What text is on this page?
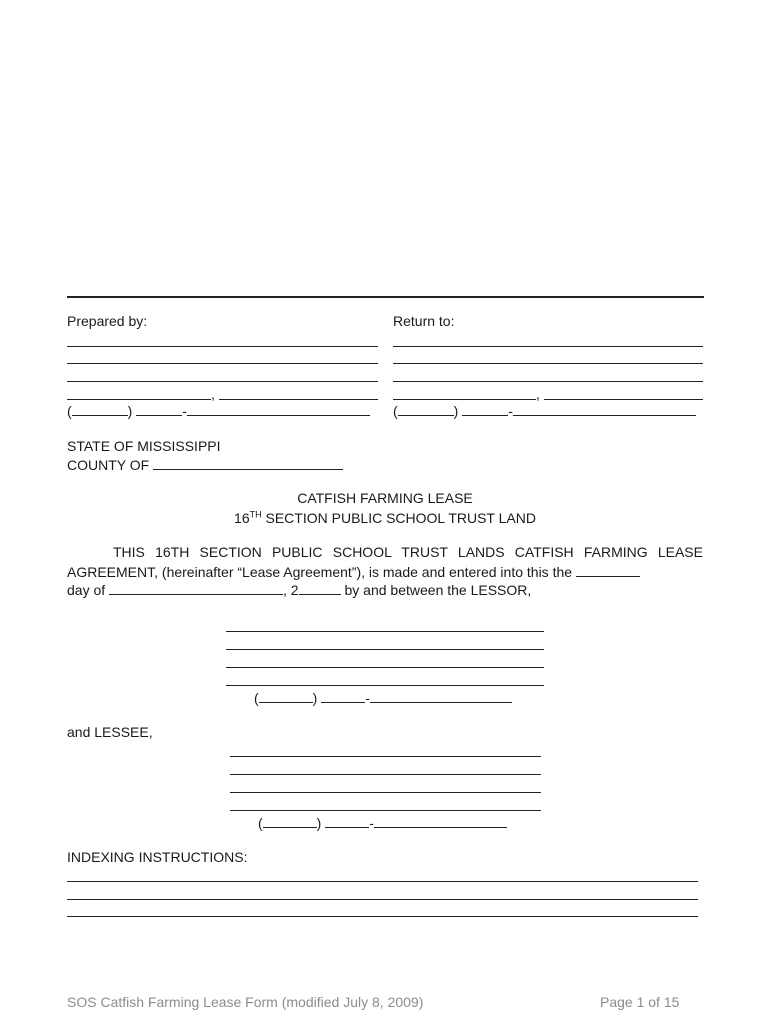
Prepared by:
,
(	)	-
Return to:
,
(	)	-
STATE OF MISSISSIPPI
COUNTY OF
CATFISH FARMING LEASE
16TH SECTION PUBLIC SCHOOL TRUST LAND
THIS 16TH SECTION PUBLIC SCHOOL TRUST LANDS CATFISH FARMING LEASE
AGREEMENT, (hereinafter “Lease Agreement”), is made and entered into this the
day of	, 2	by and between the LESSOR,
(	)	-
and LESSEE,
(	)	-
INDEXING INSTRUCTIONS:
SOS Catfish Farming Lease Form (modified July 8, 2009)	Page 1 of 15
